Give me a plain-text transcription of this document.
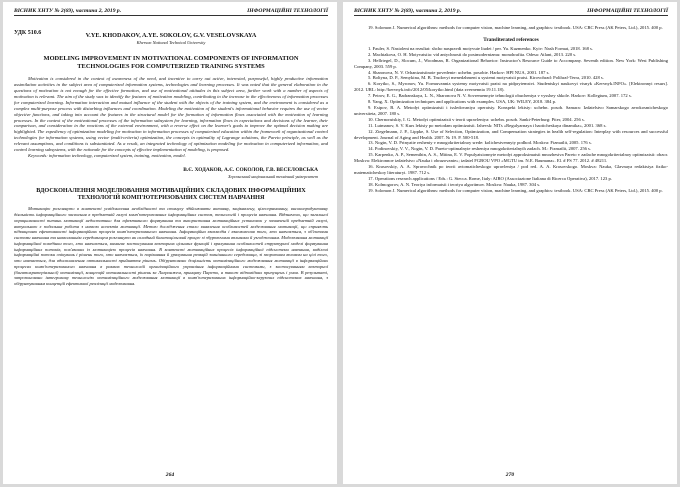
ВІСНИК ХНТУ № 2(69), частина 2, 2019 р.	ІНФОРМАЦІЙНІ ТЕХНОЛОГІЇ
УДК 510.6	V.YE. KHODAKOV, A.YE. SOKOLOV, G.V. VESELOVSKAYA
Kherson National Technical University
MODELING IMPROVEMENT IN MOTIVATIONAL COMPONENTS OF INFORMATION TECHNOLOGIES FOR COMPUTERIZED TRAINING SYSTEMS

Motivation is considered in the context of awareness of the need, and incentive to carry out active, interested, purposeful, highly productive information assimilation activities in the subject area of computerized information systems, technologies and learning processes. It was noted that the general elaboration in the questions of motivation is not enough for the effective formation, and use of motivational attitudes in this subject area, further work with a number of aspects of motivation is relevant. The aim of the study was to identify the features of motivation modeling, contributing to the increase in the effectiveness of information processes for computerized learning. Information interaction and mutual influence of the student with the objects of the training system, and the environment is considered as a complex multi-purpose process with disturbing influences and coordination. Modeling the motivation of the student's informational behavior requires the use of vector objective functions, and taking into account the features in the structural model for the formation of information flows associated with the motivation of learning processes. In the context of the motivational processes of the information subsystem for learning, information flows in expectations and decisions of the learner, their comparison, and consideration in the reactions of the external environment, with a reverse effect on the learner's goals to improve the optimal decision making are highlighted. The expediency of optimization modeling for motivation in information processes of computerized education within the framework of organizational control technologies for information systems, using vector (multi-criteria) optimization, the concepts in optimality of Lagrange solutions, the Pareto principle, as well as the relevant assumptions, and conditions is substantiated. As a result, an integrated technology of optimization modeling for motivation in computerized information, and control learning subsystems, with the rationale for the concepts of effective implementation of modeling, is proposed.

Keywords: information technology, computerized system, training, motivation, model.

В.Є. ХОДАКОВ, А.Є. СОКОЛОВ, Г.В. ВЕСЕЛОВСЬКА
Херсонський національний технічний університет
ВДОСКОНАЛЕННЯ МОДЕЛЮВАННЯ МОТИВАЦІЙНИХ СКЛАДОВИХ ІНФОРМАЦІЙНИХ ТЕХНОЛОГІЙ КОМП'ЮТЕРИЗОВАНИХ СИСТЕМ НАВЧАННЯ

Мотивацію розглянуто в контексті усвідомлення необхідності та стимулу здійснювати активну, зацікавлену, цілеспрямовану, високопродуктивну діяльність інформаційного засвоєння в предметній галузі комп'ютеризованих інформаційних систем, технологій і процесів навчання. Відзначено, що загальної опрацьованості питань мотивації недостатньо для ефективного формування та використання мотиваційних установок у зазначеній предметній галузі, актуальною є подальша робота з низкою аспектів мотивації. Метою дослідження стало виявлення особливостей моделювання мотивації, що сприяють підвищенню ефективності інформаційних процесів комп'ютеризованого навчання. Інформаційна взаємодія і взаємовплив того, хто навчається, з об'єктами системи навчання та навколишнім середовищем розглянуто як складний багатоцільовий процес зі збурюючими впливами й узгодженням. Моделювання мотивації інформаційної поведінки того, хто навчається, вимагає застосування векторних цільових функцій і врахування особливостей структурної моделі формування інформаційних потоків, пов'язаних із мотивацією процесів навчання. В контексті мотиваційних процесів інформаційної підсистеми навчання, виділені інформаційні потоки очікувань і рішень того, хто навчається, їх порівняння й урахування реакцій зовнішнього середовища, зі зворотним впливом на цілі того, хто навчається, для вдосконалення оптимальності прийняття рішень. Обґрунтовано доцільність оптимізаційного моделювання мотивації в інформаційних процесах комп'ютеризованого навчання в рамках технологій організаційного управління інформаційними системами, з застосуванням векторної (багатокритеріальної) оптимізації, концепцій оптимальності рішень за Лагранжем, принципу Парето, а також відповідних припущень і умов. В результаті, запропоновано інтегровану технологію оптимізаційного моделювання мотивації в комп'ютеризованих інформаційно-керуючих підсистемах навчання, з обґрунтуванням концепцій ефективної реалізації моделювання.

264
ВІСНИК ХНТУ № 2(69), частина 2, 2019 р.	ІНФОРМАЦІЙНІ ТЕХНОЛОГІЇ

19. Solomon J. Numerical algorithms: methods for computer vision, machine learning, and graphics: textbook. USA: CRC Press (AK Peters, Ltd.), 2015. 400 p.

Transliterated references

1. Fauler, S. Nastoleni na rezultat: shcho naspravdi motyvuie liudei / per. Yu. Kuzmenko. Kyiv: Nash Format, 2018. 168 s.

2. Machtakova, O. H. Motyvatsiia: vid antychnosti do postmodernizmu: monohrafiia. Odesa: Atlant, 2013. 220 s.

3. Hellriegel, D., Slocum, J., Woodman, R. Organizational Behavior: Instructor's Resource Guide to Accompany. Seventh edition. New York: West Publishing Company, 2003. 559 p.

4. Sharonova, N. V. Orhanizatsiinoie povedenie: uchebn. posobie. Harkov: HPI NUA, 2001. 187 s.

5. Boltyna, D. P., Semykina, M. B. Trudovyi menedzhment u systemi motyvatsii pratsi. Kirovohrad: Polihraf-Terra, 2010. 428 s.

6. Korytko, S., Myronov, Yu. Formuvannia systemy motyvatsii pratsi na pidpryiemstvi. Studentskyi naukovyi visnyk «Kervnyk.INFO». [Elektronnyi resurs]. 2012. URL: http://kervnyk.info/2012/05/korytko.html (data zvernennia 19.11.18).

7. Petrov, E. G., Badranskaya, L. N., Sharonova N. V. Sovremennyie tehnologii obucheniya v vysshey shkole. Harkov: Kollegium, 2007. 172 s.

8. Yang, X. Optimization techniques and applications with examples. USA, UK: WILEY, 2018. 384 p.

9. Esipov, B. A. Metodyi optimizatsii i issledovaniya operatsiy. Konspekt lektsiy: uchebn. posob. Samara: Izdatelstvo Samarskogo aerokosmicheskogo universiteta, 2007. 180 s.

10. Chernorutskiy, I. G. Metodyi optimizatsii v teorii upravleniya: uchebn. posob. Sankt-Peterburg: Piter, 2004. 256 s.

11. Lutmanov, S. V. Kurs lektsiy po metodam optimizatsii. Izhevsk: NITs «Regulyarnaya i haoticheskaya dinamika», 2001. 368 s.

12. Ziegelmann, J. P., Lippke, S. Use of Selection, Optimization, and Compensation strategies in health self-regulation: Interplay with resources and successful development. Journal of Aging and Health. 2007. № 19. P. 500-518.

13. Nogin, V. D. Prinyatie resheniy v mnogokriterialnoy srede: kolichestvennyiy podhod. Moskva: Fizmatlit, 2005. 176 s.

14. Podinovskiy, V. V., Nogin, V. D. Pareto-optimalnyie resheniya mnogokriterialnyih zadach. M.: Fizmatlit, 2007. 256 s.

15. Karpenko, A. P., Semenihin, A. S., Mitina, E. V. Populyatsionnyie metodyi approksimatsii mnozhestva Pareto v zadache mnogokriterialnoy optimizatsii: obzor. Moskva: Elektronnoe izdatelstvo «Nauka i obrazovanie»; izdatel FGBOU VPO «MGTU im. N.E. Baumana». El. # FS 77. 2012. # 48211.

16. Krasovskiy, A. A. Spravochnik po teorii avtomaticheskogo upravleniya / pod red. A. A. Krasovskogo. Moskva: Nauka, Glavnaya redaktsiya fiziko-matematicheskoy literaturyi. 1987. 712 s.

17. Operations research applications / Eds.: G. Stecca. Rome, Italy: AIRO (Associazione Italiana di Ricerca Operativa), 2017. 123 p.

18. Kolmogorov, A. N. Teoriya informatsii i teoriya algoritmov. Moskva: Nauka, 1987. 304 s.

19. Solomon J. Numerical algorithms: methods for computer vision, machine learning, and graphics: textbook. USA: CRC Press (AK Peters, Ltd.), 2015. 400 p.

270
